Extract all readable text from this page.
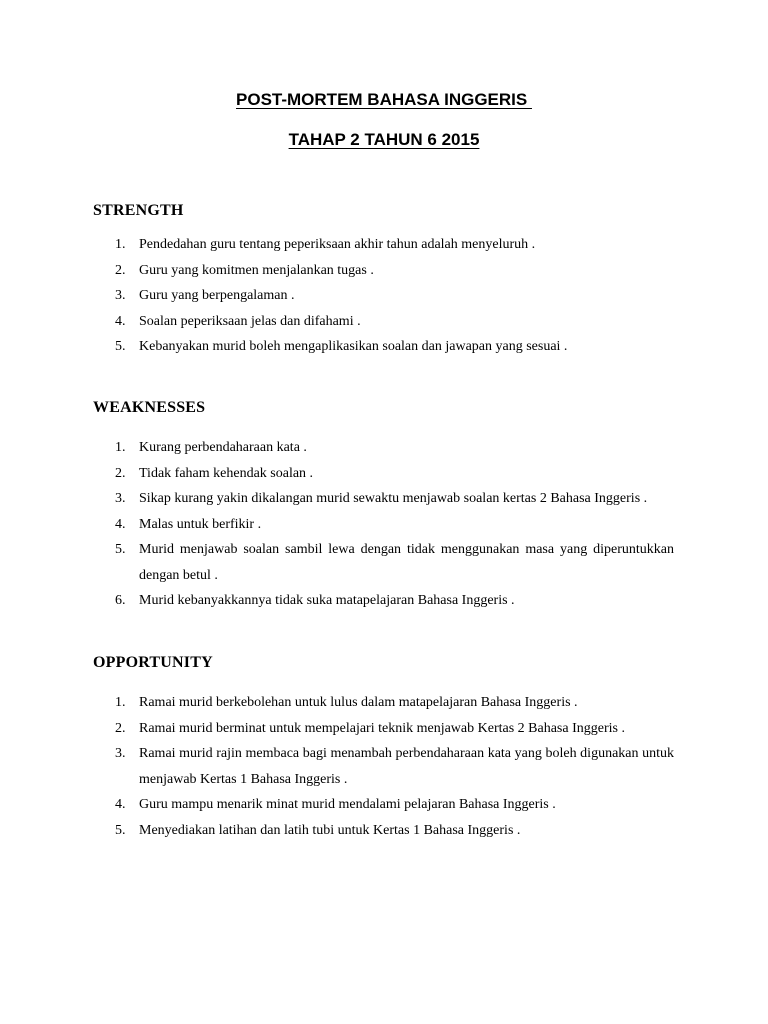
POST-MORTEM BAHASA INGGERIS
TAHAP 2 TAHUN 6 2015
STRENGTH
1. Pendedahan guru tentang peperiksaan akhir tahun adalah menyeluruh .
2. Guru yang komitmen menjalankan tugas .
3. Guru yang berpengalaman .
4. Soalan peperiksaan jelas dan difahami .
5. Kebanyakan murid boleh mengaplikasikan soalan dan jawapan yang sesuai .
WEAKNESSES
1. Kurang perbendaharaan kata .
2. Tidak faham kehendak soalan .
3. Sikap kurang yakin dikalangan murid sewaktu menjawab soalan kertas 2 Bahasa Inggeris .
4. Malas untuk berfikir .
5. Murid menjawab soalan sambil lewa dengan tidak menggunakan masa yang diperuntukkan dengan betul .
6. Murid kebanyakkannya tidak suka matapelajaran Bahasa Inggeris .
OPPORTUNITY
1. Ramai murid berkebolehan untuk lulus dalam matapelajaran Bahasa Inggeris .
2. Ramai murid berminat untuk mempelajari teknik menjawab Kertas 2 Bahasa Inggeris .
3. Ramai murid rajin membaca bagi menambah perbendaharaan kata yang boleh digunakan untuk menjawab Kertas 1 Bahasa Inggeris .
4. Guru mampu menarik minat murid mendalami pelajaran Bahasa Inggeris .
5. Menyediakan latihan dan latih tubi untuk Kertas 1 Bahasa Inggeris .
